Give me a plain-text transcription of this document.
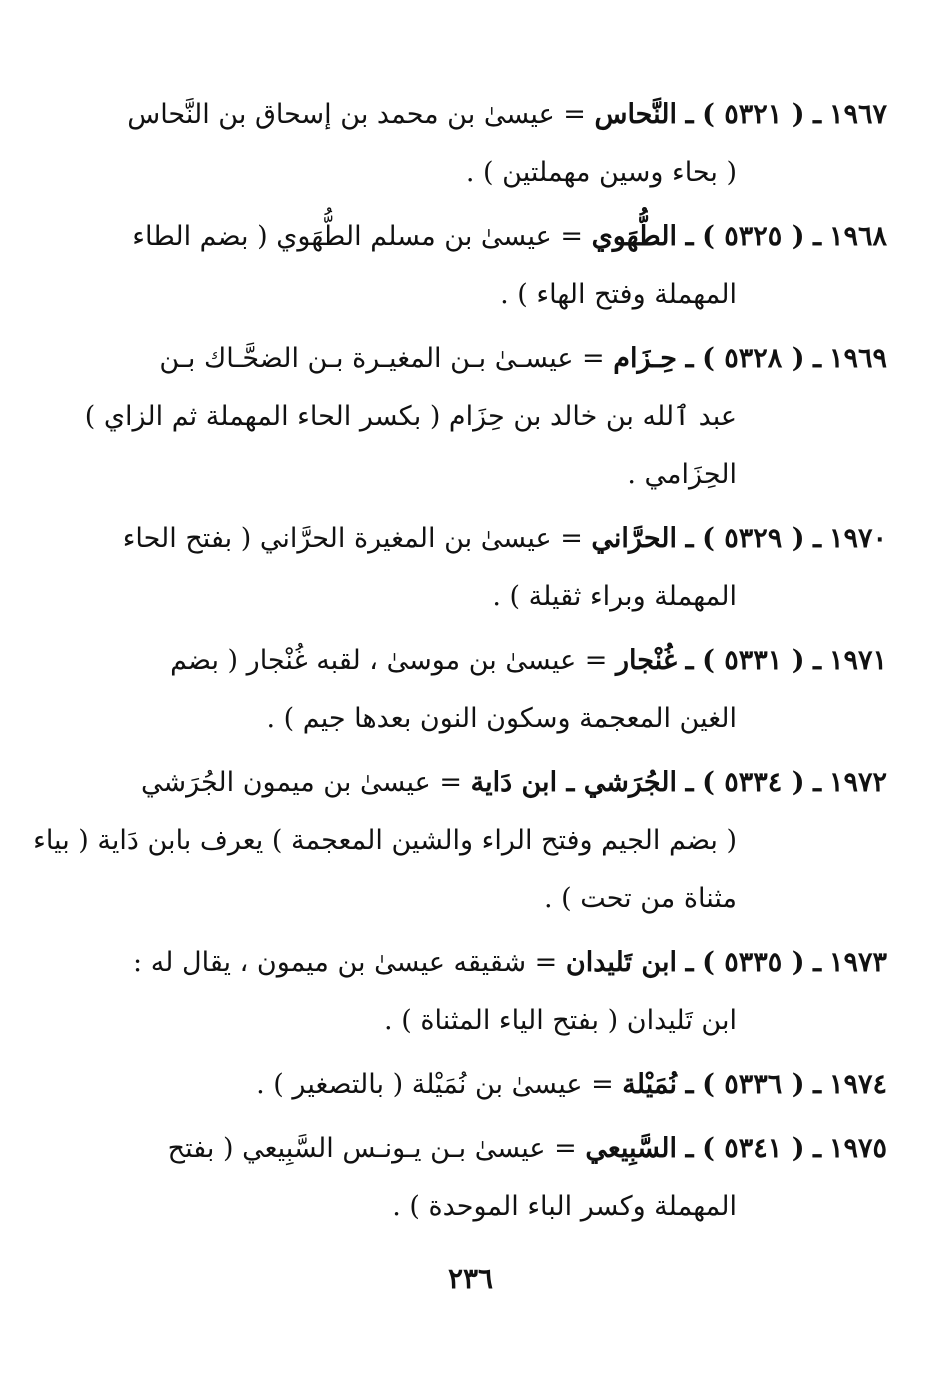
١٩٦٧
ـ ( ٥٣٢١ ) ـ النَّحاس = عيسىٰ بن محمد بن إسحاق بن النَّحاس
( بحاء وسين مهملتين ) .
١٩٦٨
ـ ( ٥٣٢٥ ) ـ الطُّهَوي = عيسىٰ بن مسلم الطُّهَوي ( بضم الطاء
المهملة وفتح الهاء ) .
١٩٦٩
ـ ( ٥٣٢٨ ) ـ حِـزَام = عيسـىٰ بـن المغيـرة بـن الضحَّـاك بـن
عبد ٱلله بن خالد بن حِزَام ( بكسر الحاء المهملة ثم الزاي )
الحِزَامي .
١٩٧٠
ـ ( ٥٣٢٩ ) ـ الحرَّاني = عيسىٰ بن المغيرة الحرَّاني ( بفتح الحاء
المهملة وبراء ثقيلة ) .
١٩٧١
ـ ( ٥٣٣١ ) ـ غُنْجار = عيسىٰ بن موسىٰ ، لقبه غُنْجار ( بضم
الغين المعجمة وسكون النون بعدها جيم ) .
١٩٧٢
ـ ( ٥٣٣٤ ) ـ الجُرَشي ـ ابن دَاية = عيسىٰ بن ميمون الجُرَشي
( بضم الجيم وفتح الراء والشين المعجمة ) يعرف بابن دَاية ( بياء
مثناة من تحت ) .
١٩٧٣
ـ ( ٥٣٣٥ ) ـ ابن تَليدان = شقيقه عيسىٰ بن ميمون ، يقال له :
ابن تَليدان ( بفتح الياء المثناة ) .
١٩٧٤
ـ ( ٥٣٣٦ ) ـ نُمَيْلة = عيسىٰ بن نُمَيْلة ( بالتصغير ) .
١٩٧٥
ـ ( ٥٣٤١ ) ـ السَّبِيعي = عيسىٰ بـن يـونـس السَّبِيعي ( بفتح
المهملة وكسر الباء الموحدة ) .
٢٣٦
